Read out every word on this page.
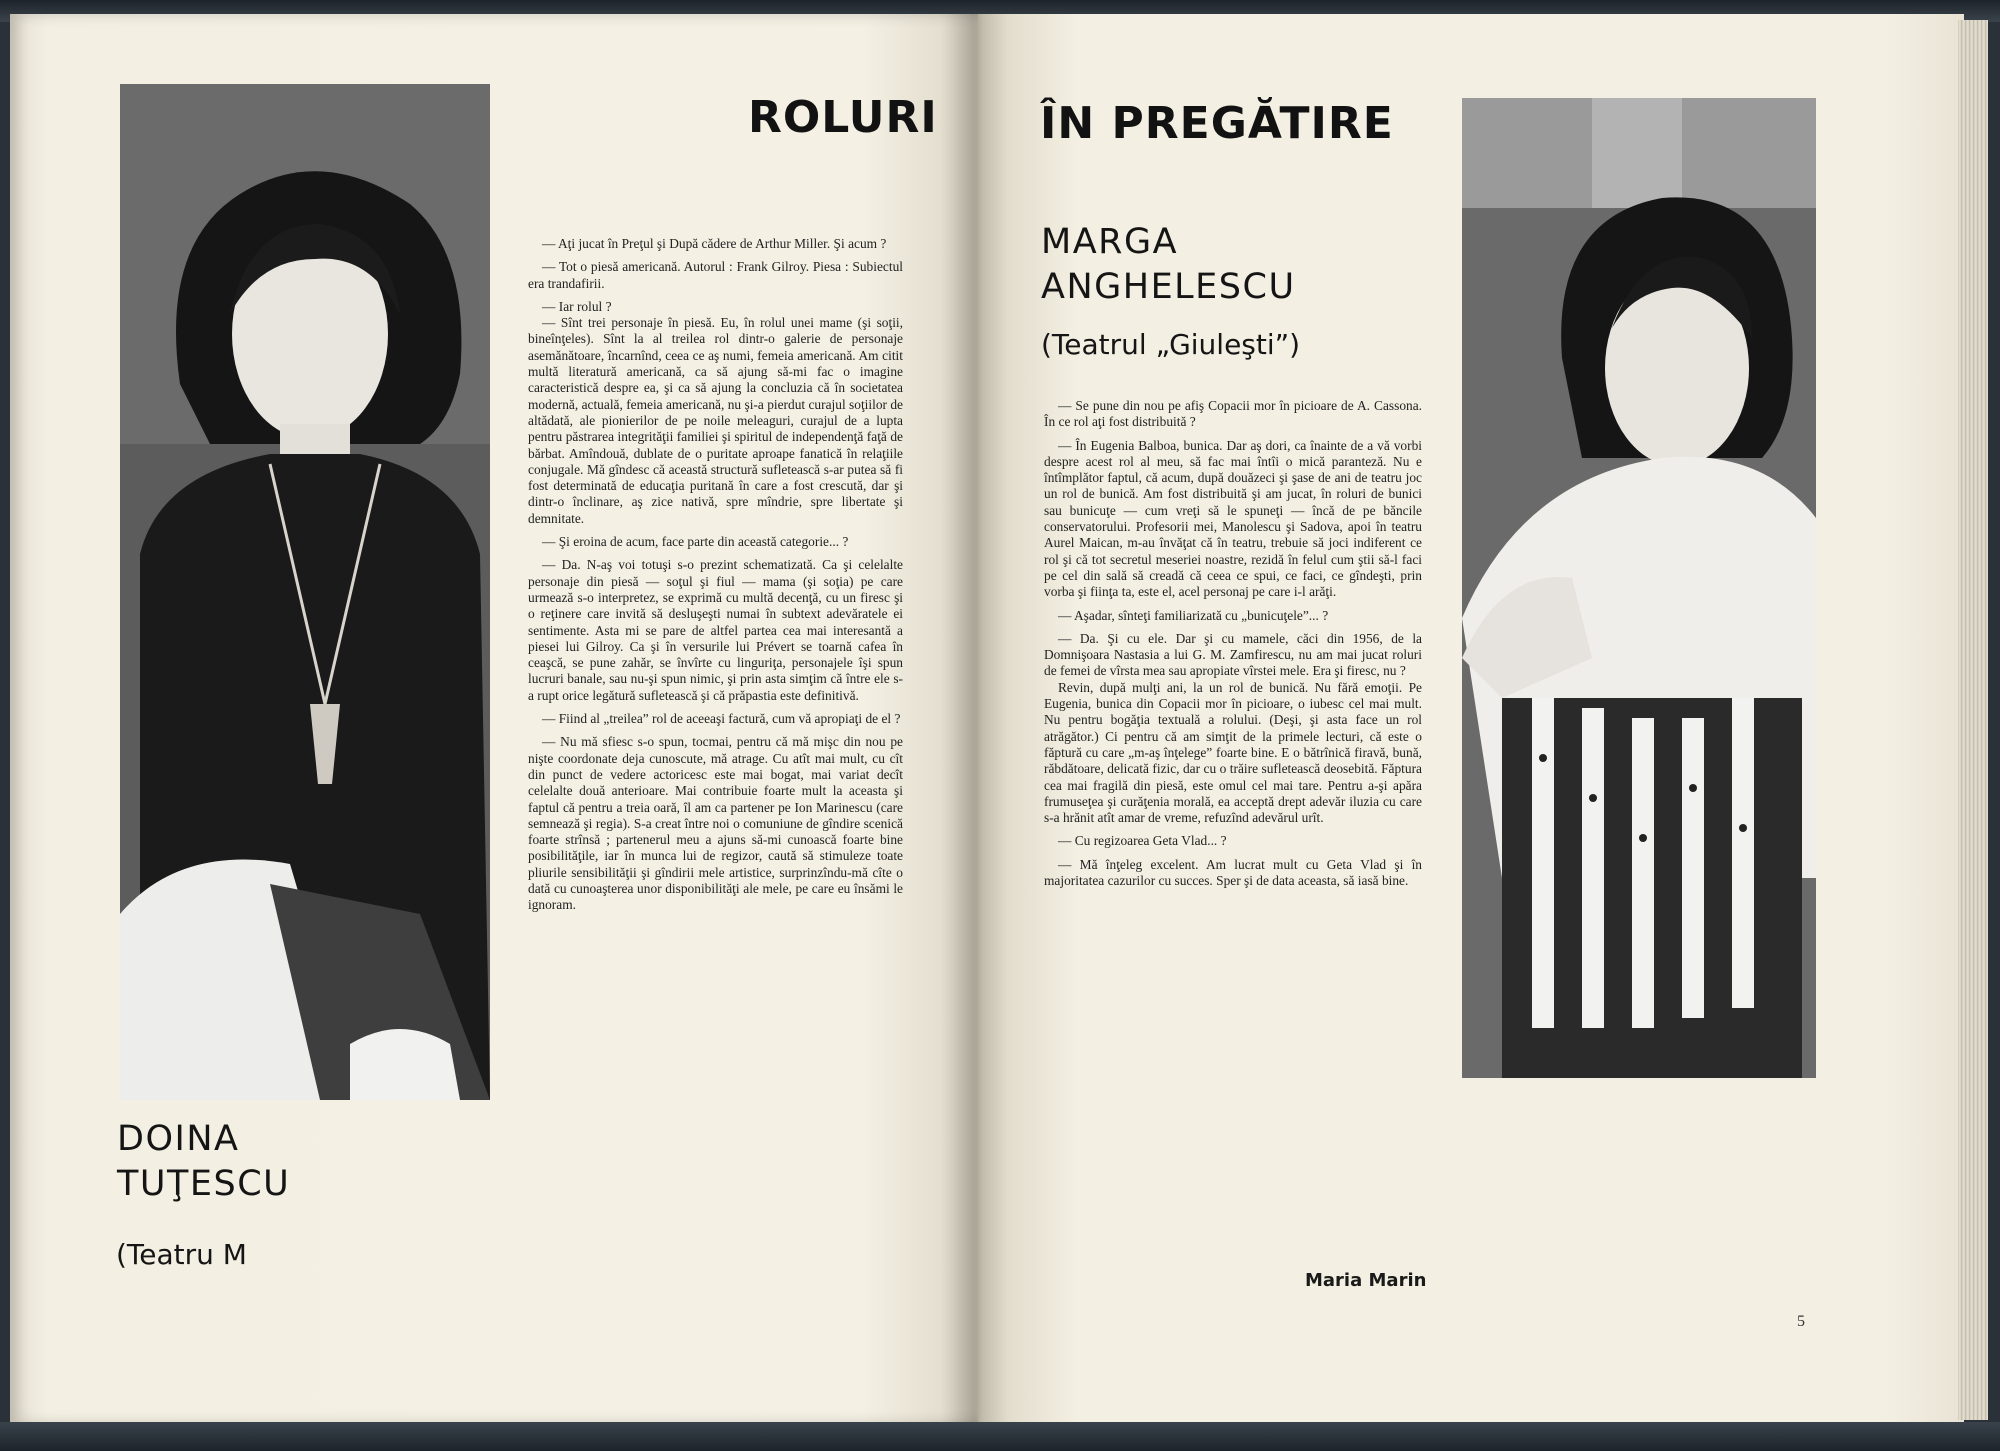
ROLURI
DOINA
TUŢESCU
(Teatru M

— Aţi jucat în Preţul şi După cădere de Arthur Miller. Şi acum ?

— Tot o piesă americană. Autorul : Frank Gilroy. Piesa : Subiectul era trandafirii.

— Iar rolul ?

— Sînt trei personaje în piesă. Eu, în rolul unei mame (şi soţii, bineînţeles). Sînt la al treilea rol dintr-o galerie de personaje asemănătoare, încarnînd, ceea ce aş numi, femeia americană. Am citit multă literatură americană, ca să ajung să-mi fac o imagine caracteristică despre ea, şi ca să ajung la concluzia că în societatea modernă, actuală, femeia americană, nu şi-a pierdut curajul soţiilor de altădată, ale pionierilor de pe noile meleaguri, curajul de a lupta pentru păstrarea integrităţii familiei şi spiritul de independenţă faţă de bărbat. Amîndouă, dublate de o puritate aproape fanatică în relaţiile conjugale. Mă gîndesc că această structură sufletească s-ar putea să fi fost determinată de educaţia puritană în care a fost crescută, dar şi dintr-o înclinare, aş zice nativă, spre mîndrie, spre libertate şi demnitate.

— Şi eroina de acum, face parte din această categorie... ?

— Da. N-aş voi totuşi s-o prezint schematizată. Ca şi celelalte personaje din piesă — soţul şi fiul — mama (şi soţia) pe care urmează s-o interpretez, se exprimă cu multă decenţă, cu un firesc şi o reţinere care invită să desluşeşti numai în subtext adevăratele ei sentimente. Asta mi se pare de altfel partea cea mai interesantă a piesei lui Gilroy. Ca şi în versurile lui Prévert se toarnă cafea în ceaşcă, se pune zahăr, se învîrte cu linguriţa, personajele îşi spun lucruri banale, sau nu-şi spun nimic, şi prin asta simţim că între ele s-a rupt orice legătură sufletească şi că prăpastia este definitivă.

— Fiind al „treilea” rol de aceeaşi factură, cum vă apropiaţi de el ?

— Nu mă sfiesc s-o spun, tocmai, pentru că mă mişc din nou pe nişte coordonate deja cunoscute, mă atrage. Cu atît mai mult, cu cît din punct de vedere actoricesc este mai bogat, mai variat decît celelalte două anterioare. Mai contribuie foarte mult la aceasta şi faptul că pentru a treia oară, îl am ca partener pe Ion Marinescu (care semnează şi regia). S-a creat între noi o comuniune de gîndire scenică foarte strînsă ; partenerul meu a ajuns să-mi cunoască foarte bine posibilităţile, iar în munca lui de regizor, caută să stimuleze toate pliurile sensibilităţii şi gîndirii mele artistice, surprinzîndu-mă cîte o dată cu cunoaşterea unor disponibilităţi ale mele, pe care eu însămi le ignoram.

ÎN PREGĂTIRE
MARGA
ANGHELESCU
(Teatrul „Giuleşti”)

— Se pune din nou pe afiş Copacii mor în picioare de A. Cassona. În ce rol aţi fost distribuită ?

— În Eugenia Balboa, bunica. Dar aş dori, ca înainte de a vă vorbi despre acest rol al meu, să fac mai întîi o mică paranteză. Nu e întîmplător faptul, că acum, după douăzeci şi şase de ani de teatru joc un rol de bunică. Am fost distribuită şi am jucat, în roluri de bunici sau bunicuţe — cum vreţi să le spuneţi — încă de pe băncile conservatorului. Profesorii mei, Manolescu şi Sadova, apoi în teatru Aurel Maican, m-au învăţat că în teatru, trebuie să joci indiferent ce rol şi că tot secretul meseriei noastre, rezidă în felul cum ştii să-l faci pe cel din sală să creadă că ceea ce spui, ce faci, ce gîndeşti, prin vorba şi fiinţa ta, este el, acel personaj pe care i-l arăţi.

— Aşadar, sînteţi familiarizată cu „bunicuţele”... ?

— Da. Şi cu ele. Dar şi cu mamele, căci din 1956, de la Domnişoara Nastasia a lui G. M. Zamfirescu, nu am mai jucat roluri de femei de vîrsta mea sau apropiate vîrstei mele. Era şi firesc, nu ?

Revin, după mulţi ani, la un rol de bunică. Nu fără emoţii. Pe Eugenia, bunica din Copacii mor în picioare, o iubesc cel mai mult. Nu pentru bogăţia textuală a rolului. (Deşi, şi asta face un rol atrăgător.) Ci pentru că am simţit de la primele lecturi, că este o făptură cu care „m-aş înţelege” foarte bine. E o bătrînică firavă, bună, răbdătoare, delicată fizic, dar cu o trăire sufletească deosebită. Făptura cea mai fragilă din piesă, este omul cel mai tare. Pentru a-şi apăra frumuseţea şi curăţenia morală, ea acceptă drept adevăr iluzia cu care s-a hrănit atît amar de vreme, refuzînd adevărul urît.

— Cu regizoarea Geta Vlad... ?

— Mă înţeleg excelent. Am lucrat mult cu Geta Vlad şi în majoritatea cazurilor cu succes. Sper şi de data aceasta, să iasă bine.

Maria Marin
5
